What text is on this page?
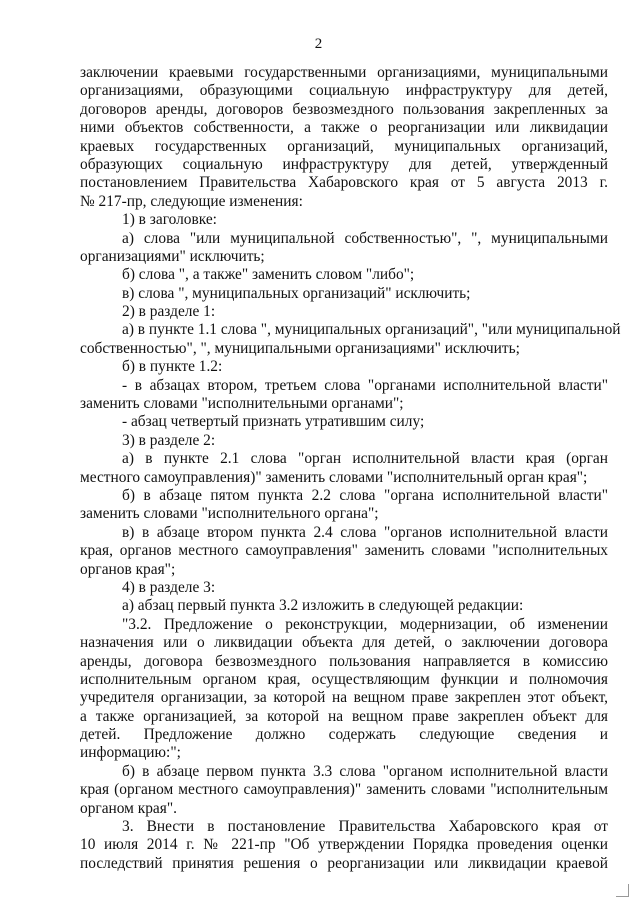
2
заключении краевыми государственными организациями, муниципальными
организациями, образующими социальную инфраструктуру для детей,
договоров аренды, договоров безвозмездного пользования закрепленных за
ними объектов собственности, а также о реорганизации или ликвидации
краевых государственных организаций, муниципальных организаций,
образующих социальную инфраструктуру для детей, утвержденный
постановлением Правительства Хабаровского края от 5 августа 2013 г.
№ 217-пр, следующие изменения:
1) в заголовке:
а) слова "или муниципальной собственностью", ", муниципальными
организациями" исключить;
б) слова ", а также" заменить словом "либо";
в) слова ", муниципальных организаций" исключить;
2) в разделе 1:
а) в пункте 1.1 слова ", муниципальных организаций", "или муниципальной
собственностью", ", муниципальными организациями" исключить;
б) в пункте 1.2:
- в абзацах втором, третьем слова "органами исполнительной власти"
заменить словами "исполнительными органами";
- абзац четвертый признать утратившим силу;
3) в разделе 2:
а) в пункте 2.1 слова "орган исполнительной власти края (орган
местного самоуправления)" заменить словами "исполнительный орган края";
б) в абзаце пятом пункта 2.2 слова "органа исполнительной власти"
заменить словами "исполнительного органа";
в) в абзаце втором пункта 2.4 слова "органов исполнительной власти
края, органов местного самоуправления" заменить словами "исполнительных
органов края";
4) в разделе 3:
а) абзац первый пункта 3.2 изложить в следующей редакции:
"3.2. Предложение о реконструкции, модернизации, об изменении
назначения или о ликвидации объекта для детей, о заключении договора
аренды, договора безвозмездного пользования направляется в комиссию
исполнительным органом края, осуществляющим функции и полномочия
учредителя организации, за которой на вещном праве закреплен этот объект,
а также организацией, за которой на вещном праве закреплен объект для
детей. Предложение должно содержать следующие сведения и
информацию:";
б) в абзаце первом пункта 3.3 слова "органом исполнительной власти
края (органом местного самоуправления)" заменить словами "исполнительным
органом края".
3. Внести в постановление Правительства Хабаровского края от
10 июля 2014 г. № 221-пр "Об утверждении Порядка проведения оценки
последствий принятия решения о реорганизации или ликвидации краевой
